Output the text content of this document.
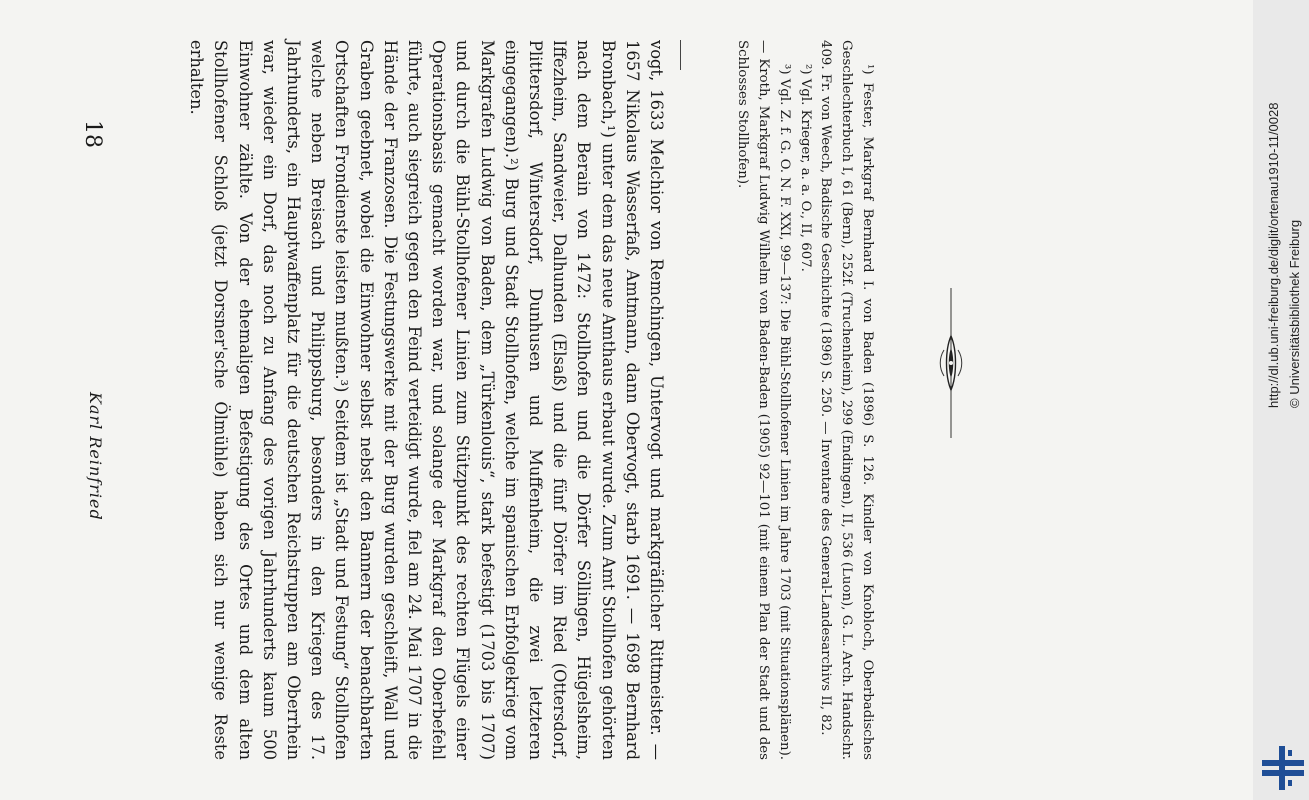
18
Karl Reinfried	vogt, 1633 Melchior von Remchingen, Untervogt und markgräflicher Rittmeister. — 1657 Nikolaus Wasserfaß, Amtmann, dann Obervogt, starb 1691. — 1698 Bernhard Bronbach,¹) unter dem das neue Amthaus erbaut wurde. Zum Amt Stollhofen gehörten nach dem Berain von 1472: Stollhofen und die Dörfer Söllingen, Hügelsheim, Iffezheim, Sandweier, Dalhunden (Elsaß) und die fünf Dörfer im Ried (Ottersdorf, Plittersdorf, Wintersdorf, Dunhusen und Muffenheim, die zwei letzteren eingegangen).²) Burg und Stadt Stollhofen, welche im spanischen Erbfolgekrieg vom Markgrafen Ludwig von Baden, dem „Türkenlouis“, stark befestigt (1703 bis 1707) und durch die Bühl-Stollhofener Linien zum Stützpunkt des rechten Flügels einer Operationsbasis gemacht worden war, und solange der Markgraf den Oberbefehl führte, auch siegreich gegen den Feind verteidigt wurde, fiel am 24. Mai 1707 in die Hände der Franzosen. Die Festungswerke mit der Burg wurden geschleift, Wall und Graben geebnet, wobei die Einwohner selbst nebst den Bannern der benachbarten Ortschaften Frondienste leisten mußten.³) Seitdem ist „Stadt und Festung“ Stollhofen welche neben Breisach und Philippsburg, besonders in den Kriegen des 17. Jahrhunderts, ein Hauptwaffenplatz für die deutschen Reichstruppen am Oberrhein war, wieder ein Dorf, das noch zu Anfang des vorigen Jahrhunderts kaum 500 Einwohner zählte. Von der ehemaligen Befestigung des Ortes und dem alten Stollhofener Schloß (jetzt Dorsner'sche Ölmühle) haben sich nur wenige Reste erhalten.	¹) Fester, Markgraf Bernhard I. von Baden (1896) S. 126. Kindler von Knobloch, Oberbadisches Geschlechterbuch I, 61 (Bern), 252f. (Truchenheim), 299 (Endingen), II, 536 (Luon), G. L. Arch. Handschr. 409. Fr. von Weech, Badische Geschichte (1896) S. 250. — Inventare des General-Landesarchivs II, 82.

²) Vgl. Krieger, a. a. O., II, 607.

³) Vgl. Z. f. G. O. N. F. XXI, 99—137: Die Bühl-Stollhofener Linien im Jahre 1703 (mit Situationsplänen). — Kroth, Markgraf Ludwig Wilhelm von Baden-Baden (1905) 92—101 (mit einem Plan der Stadt und des Schlosses Stollhofen).	http://dl.ub.uni-freiburg.de/diglit/ortenau1910-11/0028 © Universitätsbibliothek Freiburg
